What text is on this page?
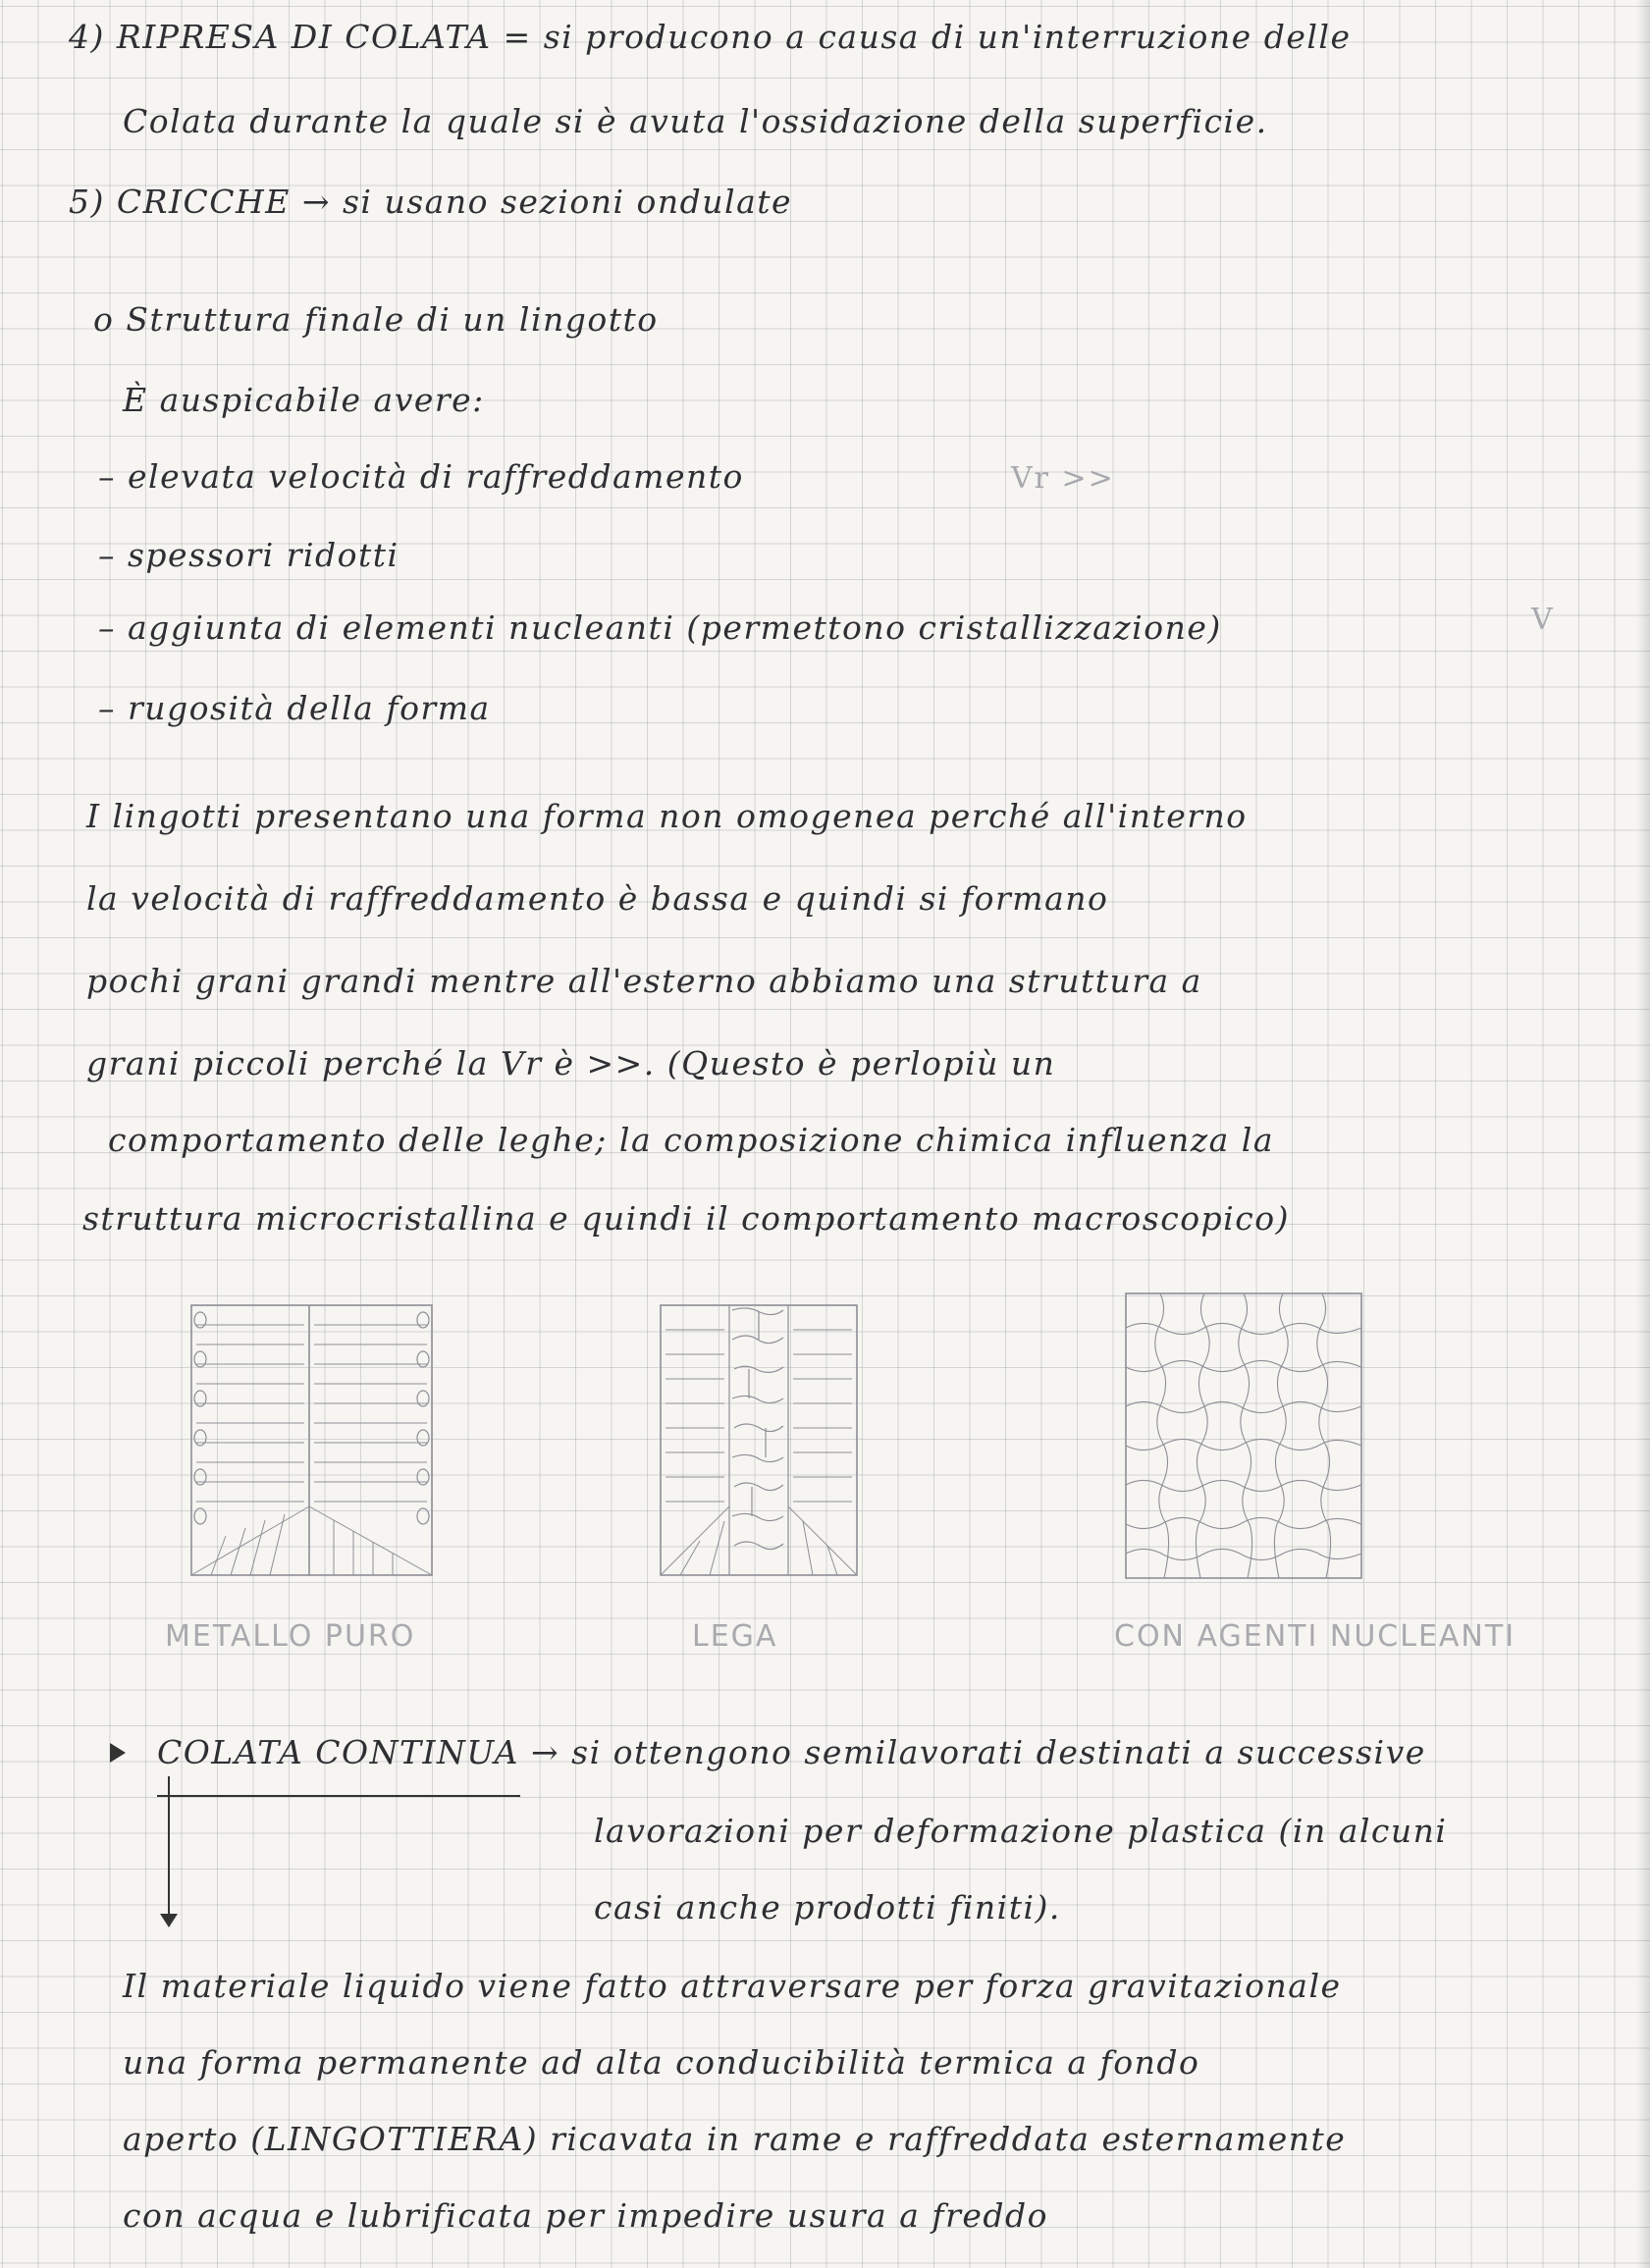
4) RIPRESA DI COLATA = si producono a causa di un'interruzione delle
Colata durante la quale si è avuta l'ossidazione della superficie.
5) CRICCHE → si usano sezioni ondulate
o Struttura finale di un lingotto
È auspicabile avere:
– elevata velocità di raffreddamento	Vr >>
– spessori ridotti
– aggiunta di elementi nucleanti (permettono cristallizzazione)	V
– rugosità della forma
I lingotti presentano una forma non omogenea perché all'interno
la velocità di raffreddamento è bassa e quindi si formano
pochi grani grandi mentre all'esterno abbiamo una struttura a
grani piccoli perché la Vr è >>. (Questo è perlopiù un
comportamento delle leghe; la composizione chimica influenza la
struttura microcristallina e quindi il comportamento macroscopico)
METALLO PURO	LEGA	CON AGENTI NUCLEANTI
COLATA CONTINUA → si ottengono semilavorati destinati a successive
lavorazioni per deformazione plastica (in alcuni
casi anche prodotti finiti).
Il materiale liquido viene fatto attraversare per forza gravitazionale
una forma permanente ad alta conducibilità termica a fondo
aperto (LINGOTTIERA) ricavata in rame e raffreddata esternamente
con acqua e lubrificata per impedire usura a freddo
